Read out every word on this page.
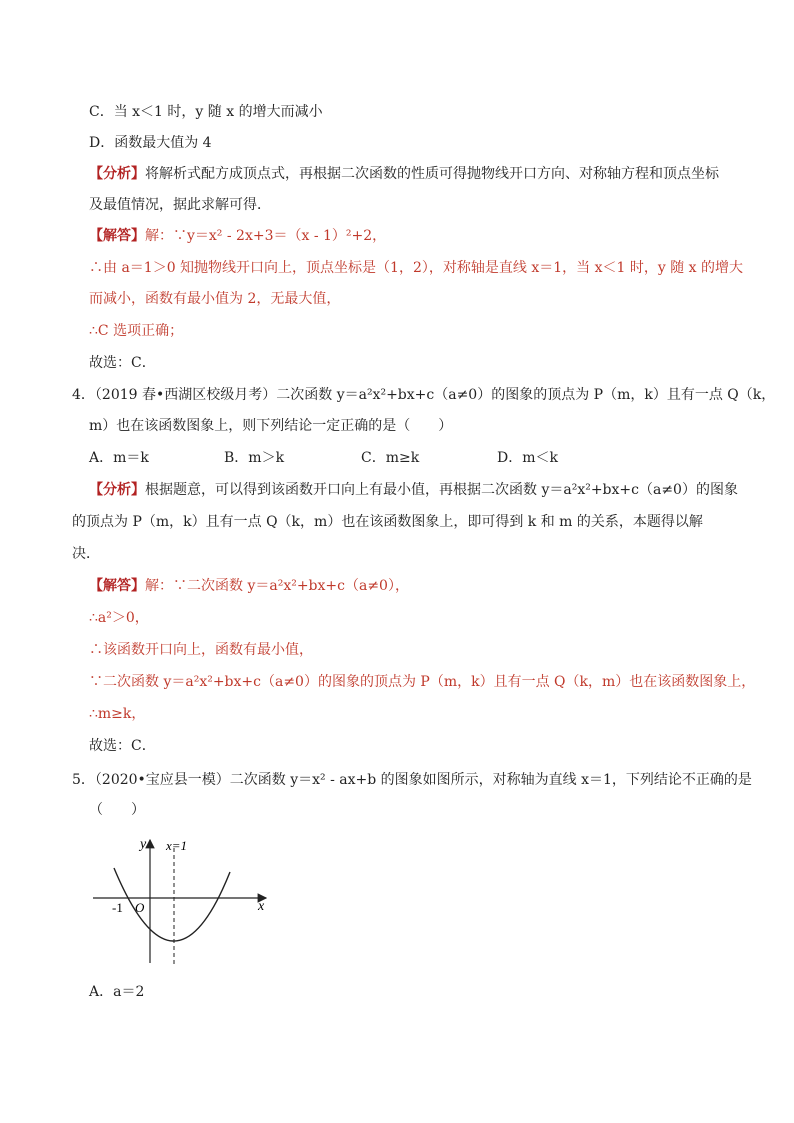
C．当 x＜1 时，y 随 x 的增大而减小
D．函数最大值为 4
【分析】将解析式配方成顶点式，再根据二次函数的性质可得抛物线开口方向、对称轴方程和顶点坐标
及最值情况，据此求解可得．
【解答】解：∵y＝x² - 2x+3＝（x - 1）²+2，
∴由 a＝1＞0 知抛物线开口向上，顶点坐标是（1，2），对称轴是直线 x＝1，当 x＜1 时，y 随 x 的增大
而减小，函数有最小值为 2，无最大值，
∴C 选项正确；
故选：C．
4．（2019 春•西湖区校级月考）二次函数 y＝a²x²+bx+c（a≠0）的图象的顶点为 P（m，k）且有一点 Q（k，
m）也在该函数图象上，则下列结论一定正确的是（　　）
A．m＝k	B．m＞k	C．m≥k	D．m＜k
【分析】根据题意，可以得到该函数开口向上有最小值，再根据二次函数 y＝a²x²+bx+c（a≠0）的图象
的顶点为 P（m，k）且有一点 Q（k，m）也在该函数图象上，即可得到 k 和 m 的关系，本题得以解
决．
【解答】解：∵二次函数 y＝a²x²+bx+c（a≠0），
∴a²＞0，
∴该函数开口向上，函数有最小值，
∵二次函数 y＝a²x²+bx+c（a≠0）的图象的顶点为 P（m，k）且有一点 Q（k，m）也在该函数图象上，
∴m≥k，
故选：C．
5．（2020•宝应县一模）二次函数 y＝x² - ax+b 的图象如图所示，对称轴为直线 x＝1，下列结论不正确的是
（　　）
y x=1
x
-1 O
A．a＝2
